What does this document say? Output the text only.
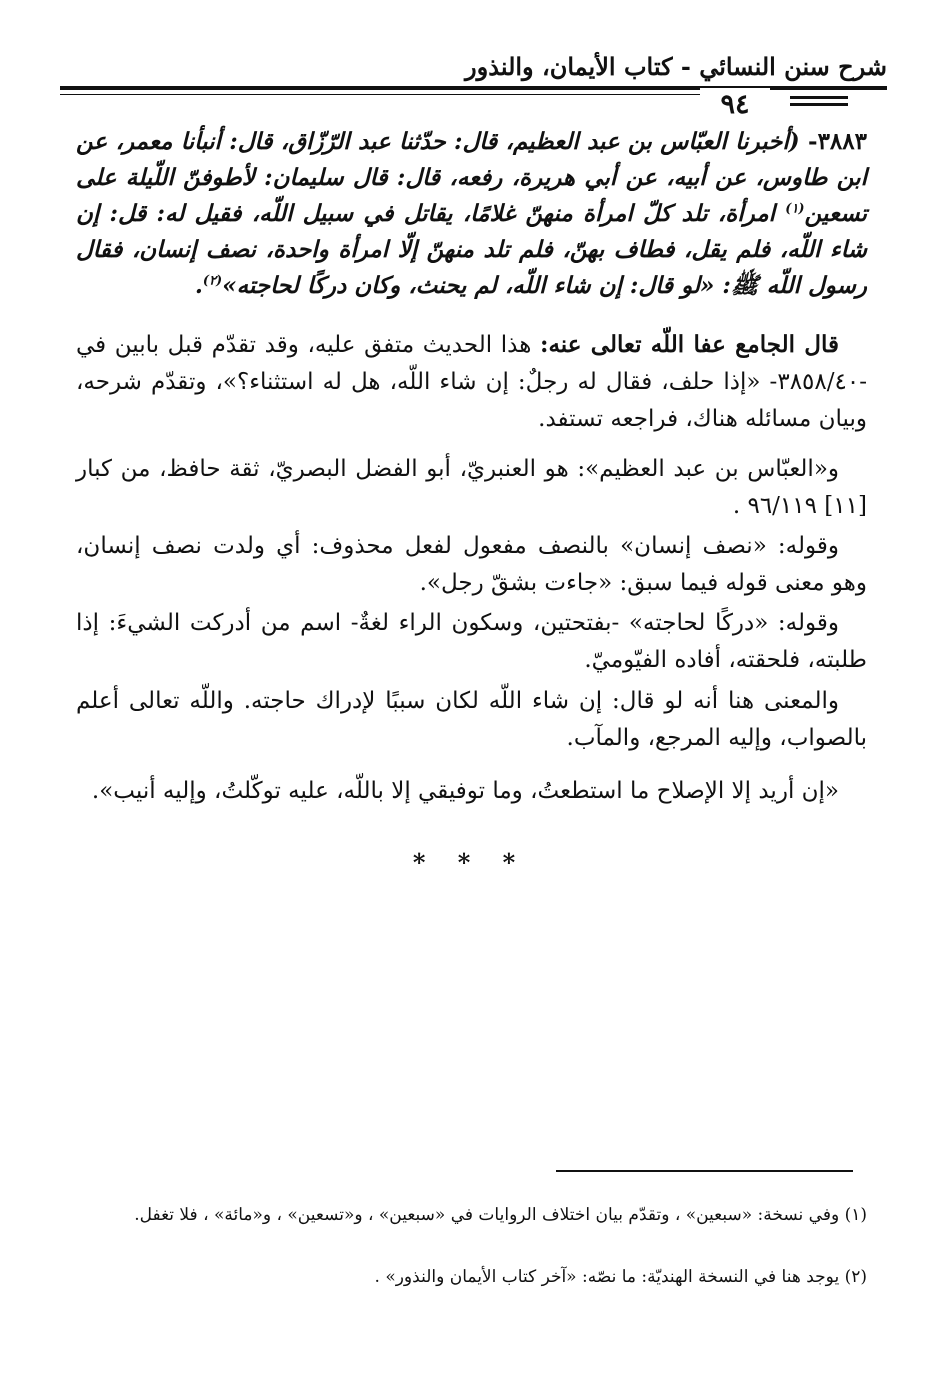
شرح سنن النسائي - كتاب الأيمان، والنذور
٩٤

٣٨٨٣- (أخبرنا العبّاس بن عبد العظيم، قال: حدّثنا عبد الرّزّاق، قال: أنبأنا معمر، عن ابن طاوس، عن أبيه، عن أبي هريرة، رفعه، قال: قال سليمان: لأطوفنّ اللّيلة على تسعين$^{(١)}$ امرأة، تلد كلّ امرأة منهنّ غلامًا، يقاتل في سبيل اللّه، فقيل له: قل: إن شاء اللّه، فلم يقل، فطاف بهنّ، فلم تلد منهنّ إلّا امرأة واحدة، نصف إنسان، فقال رسول اللّه ﷺ: «لو قال: إن شاء اللّه، لم يحنث، وكان دركًا لحاجته»$^{(٢)}$.

قال الجامع عفا اللّه تعالى عنه: هذا الحديث متفق عليه، وقد تقدّم قبل بابين في -٣٨٥٨/٤٠- «إذا حلف، فقال له رجلٌ: إن شاء اللّه، هل له استثناء؟»، وتقدّم شرحه، وبيان مسائله هناك، فراجعه تستفد.

و«العبّاس بن عبد العظيم»: هو العنبريّ، أبو الفضل البصريّ، ثقة حافظ، من كبار [١١] ٩٦/١١٩ .

وقوله: «نصف إنسان» بالنصف مفعول لفعل محذوف: أي ولدت نصف إنسان، وهو معنى قوله فيما سبق: «جاءت بشقّ رجل».

وقوله: «دركًا لحاجته» -بفتحتين، وسكون الراء لغةٌ- اسم من أدركت الشيءَ: إذا طلبته، فلحقته، أفاده الفيّوميّ.

والمعنى هنا أنه لو قال: إن شاء اللّه لكان سببًا لإدراك حاجته. واللّه تعالى أعلم بالصواب، وإليه المرجع، والمآب.

«إن أريد إلا الإصلاح ما استطعتُ، وما توفيقي إلا باللّه، عليه توكّلتُ، وإليه أنيب».

* * *
(١) وفي نسخة: «سبعين» ، وتقدّم بيان اختلاف الروايات في «سبعين» ، و«تسعين» ، و«مائة» ، فلا تغفل.
(٢) يوجد هنا في النسخة الهنديّة: ما نصّه: «آخر كتاب الأيمان والنذور» .
